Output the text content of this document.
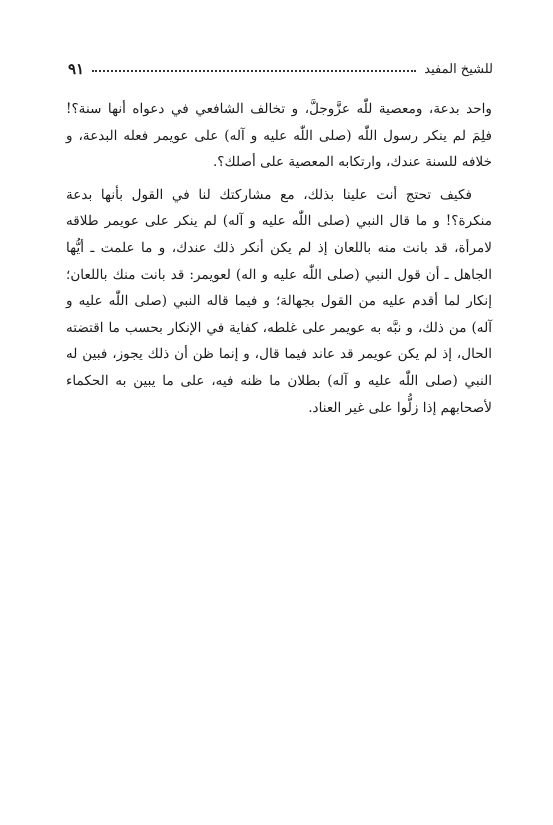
للشيخ المفيد
٩١

واحد بدعة، ومعصية للّٰه عزَّوجلَّ، و تخالف الشافعي في دعواه أنها سنة؟! فلِمَ لم ينكر رسول اللّٰه (صلى اللّٰه عليه و آله) على عويمر فعله البدعة، و خلافه للسنة عندك، وارتكابه المعصية على أصلك؟.

فكيف تحتج أنت علينا بذلك، مع مشاركتك لنا في القول بأنها بدعة منكرة؟! و ما قال النبي (صلى اللّٰه عليه و آله) لم ينكر على عويمر طلاقه لامرأة، قد بانت منه باللعان إذ لم يكن أنكر ذلك عندك، و ما علمت ـ أيُّها الجاهل ـ أن قول النبي (صلى اللّٰه عليه و اله) لعويمر: قد بانت منك باللعان؛ إنكار لما أقدم عليه من القول بجهالة؛ و فيما قاله النبي (صلى اللّٰه عليه و آله) من ذلك، و نبَّه به عويمر على غلطه، كفاية في الإنكار بحسب ما اقتضته الحال، إذ لم يكن عويمر قد عاند فيما قال، و إنما ظن أن ذلك يجوز، فبين له النبي (صلى اللّٰه عليه و آله) بطلان ما ظنه فيه، على ما يبين به الحكماء لأصحابهم إذا زلُّوا على غير العناد.
